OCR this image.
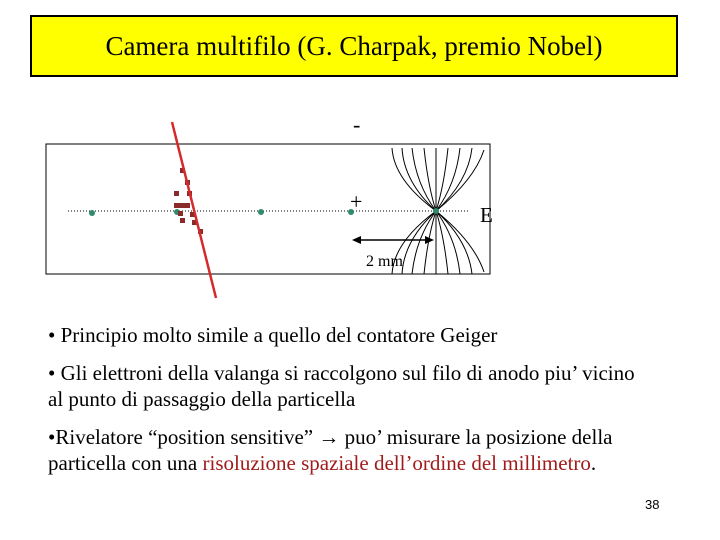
Camera multifilo (G. Charpak, premio Nobel)
-
+
E
2 mm

• Principio molto simile a quello del contatore Geiger

• Gli elettroni della valanga si raccolgono sul filo di anodo piu’ vicino al punto di passaggio della particella

•Rivelatore “position sensitive” → puo’ misurare la posizione della particella con una risoluzione spaziale dell’ordine del millimetro.

38
